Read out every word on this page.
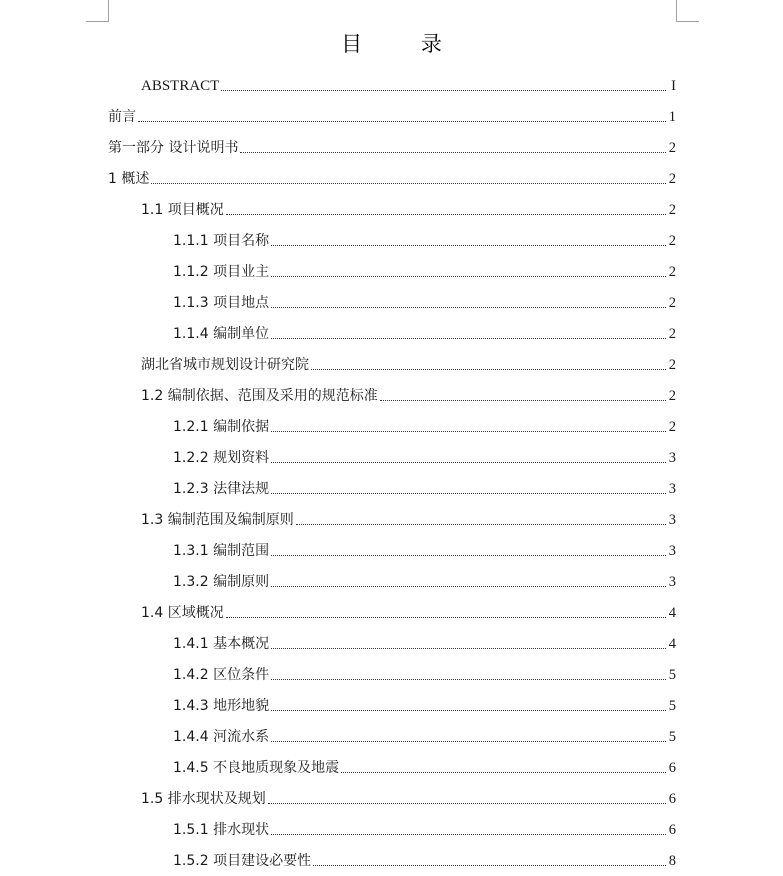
目 录
ABSTRACT	I
前言	1
第一部分 设计说明书	2
1 概述	2
1.1 项目概况	2
1.1.1 项目名称	2
1.1.2 项目业主	2
1.1.3 项目地点	2
1.1.4 编制单位	2
湖北省城市规划设计研究院	2
1.2 编制依据、范围及采用的规范标准	2
1.2.1 编制依据	2
1.2.2 规划资料	3
1.2.3 法律法规	3
1.3 编制范围及编制原则	3
1.3.1 编制范围	3
1.3.2 编制原则	3
1.4 区域概况	4
1.4.1 基本概况	4
1.4.2 区位条件	5
1.4.3 地形地貌	5
1.4.4 河流水系	5
1.4.5 不良地质现象及地震	6
1.5 排水现状及规划	6
1.5.1 排水现状	6
1.5.2 项目建设必要性	8
